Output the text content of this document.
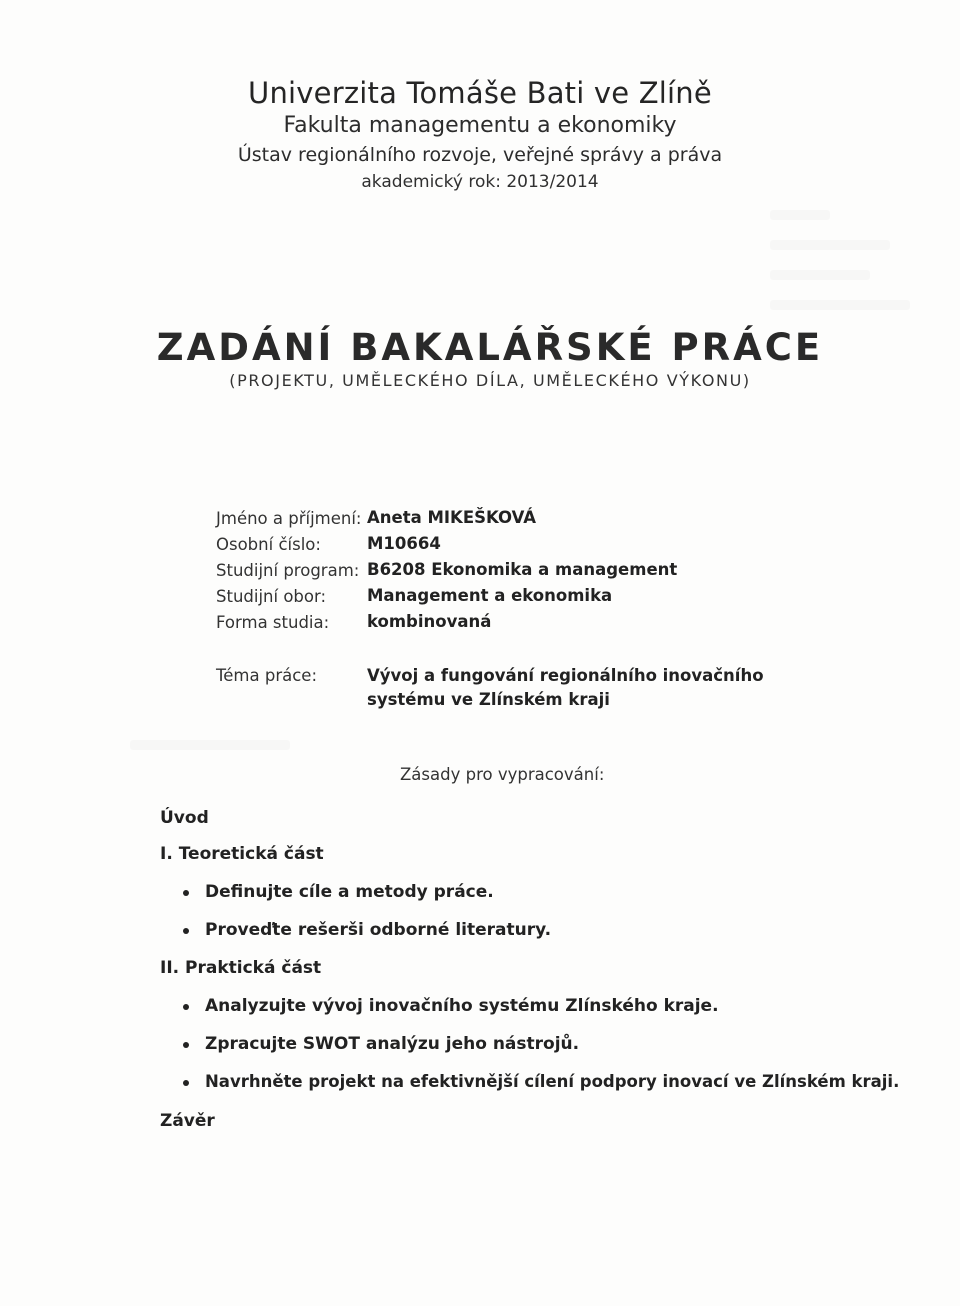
Univerzita Tomáše Bati ve Zlíně
Fakulta managementu a ekonomiky
Ústav regionálního rozvoje, veřejné správy a práva
akademický rok: 2013/2014
ZADÁNÍ BAKALÁŘSKÉ PRÁCE
(PROJEKTU, UMĚLECKÉHO DÍLA, UMĚLECKÉHO VÝKONU)
Jméno a příjmení: Aneta MIKEŠKOVÁ
Osobní číslo:	M10664
Studijní program: B6208 Ekonomika a management
Studijní obor: Management a ekonomika
Forma studia: kombinovaná
Téma práce:	Vývoj a fungování regionálního inovačního systému ve Zlínském kraji
Zásady pro vypracování:
Úvod
I. Teoretická část
Definujte cíle a metody práce.
Proveďte rešerši odborné literatury.
II. Praktická část
Analyzujte vývoj inovačního systému Zlínského kraje.
Zpracujte SWOT analýzu jeho nástrojů.
Navrhněte projekt na efektivnější cílení podpory inovací ve Zlínském kraji.
Závěr
